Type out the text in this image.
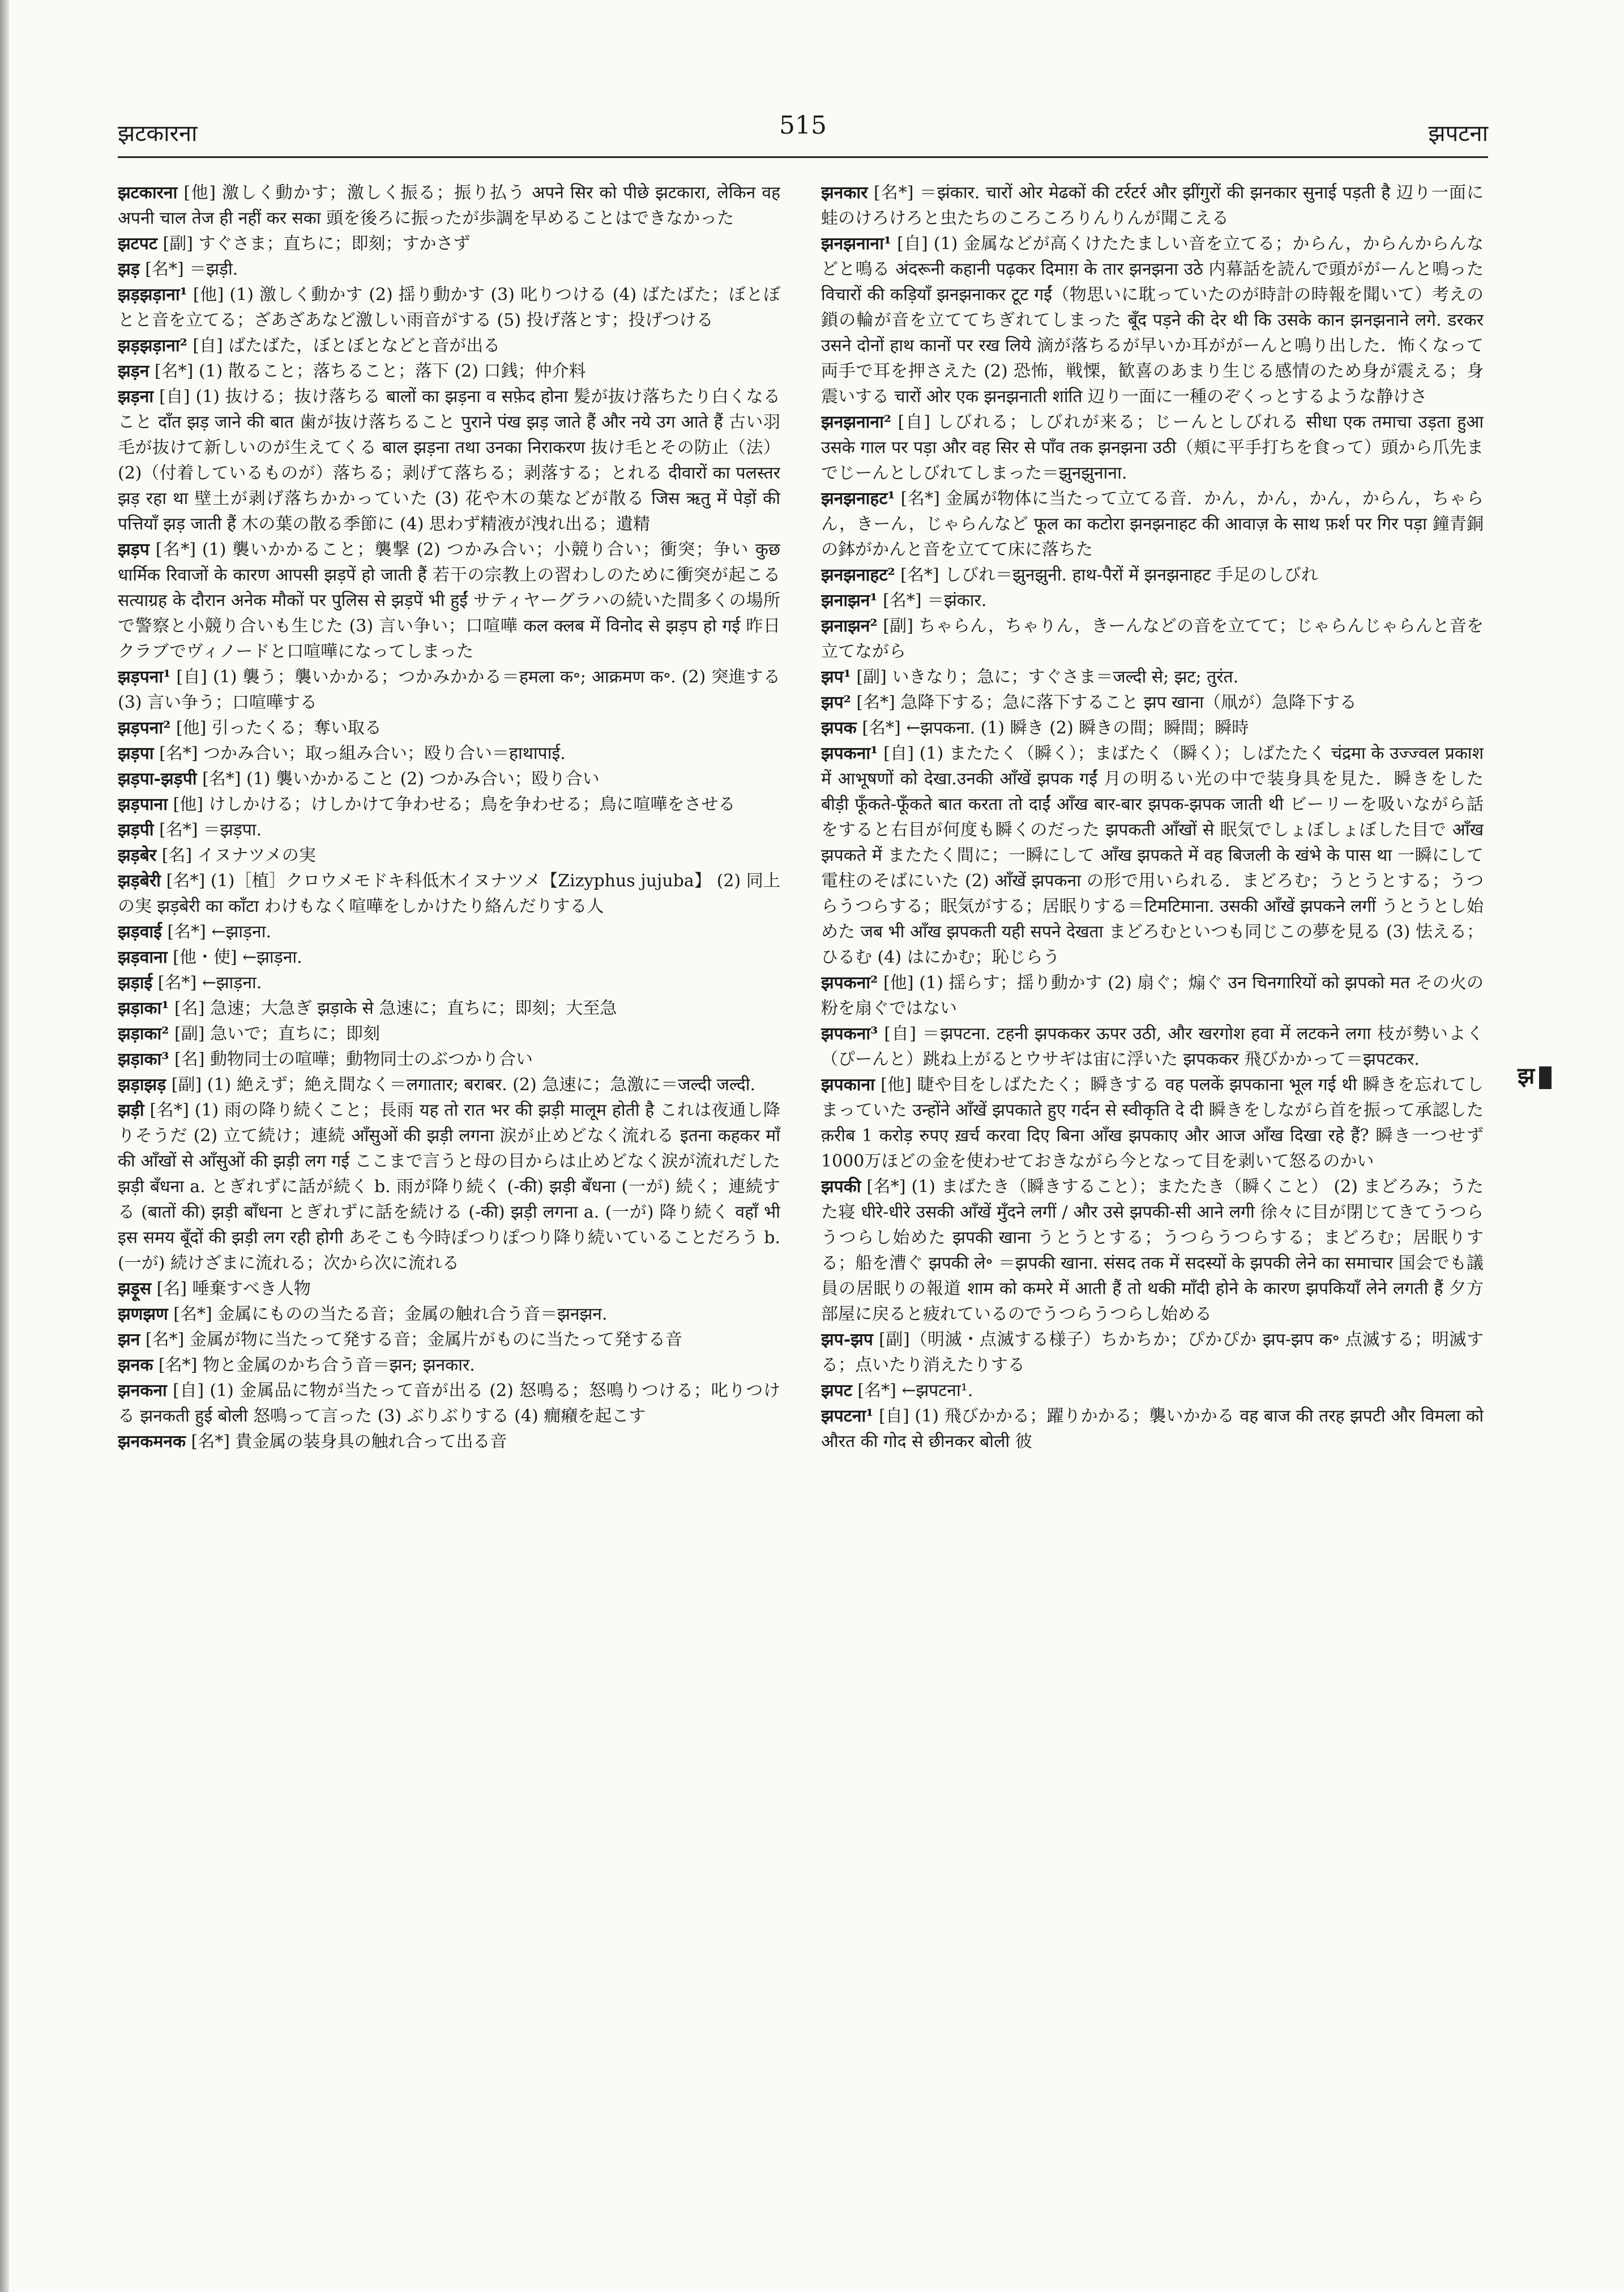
झटकारना	515	झपटना
झटकारना [他] 激しく動かす；激しく振る；振り払う अपने सिर को पीछे झटकारा, लेकिन वह अपनी चाल तेज ही नहीं कर सका 頭を後ろに振ったが歩調を早めることはできなかった
झटपट [副] すぐさま；直ちに；即刻；すかさず
झड़ [名*] ＝झड़ी.
झड़झड़ाना¹ [他] (1) 激しく動かす (2) 揺り動かす (3) 叱りつける (4) ばたばた；ぼとぼとと音を立てる；ざあざあなど激しい雨音がする (5) 投げ落とす；投げつける
झड़झड़ाना² [自] ばたばた，ぼとぼとなどと音が出る
झड़न [名*] (1) 散ること；落ちること；落下 (2) 口銭；仲介料
झड़ना [自] (1) 抜ける；抜け落ちる बालों का झड़ना व सफ़ेद होना 髪が抜け落ちたり白くなること दाँत झड़ जाने की बात 歯が抜け落ちること पुराने पंख झड़ जाते हैं और नये उग आते हैं 古い羽毛が抜けて新しいのが生えてくる बाल झड़ना तथा उनका निराकरण 抜け毛とその防止（法） (2)（付着しているものが）落ちる；剥げて落ちる；剥落する；とれる दीवारों का पलस्तर झड़ रहा था 壁土が剥げ落ちかかっていた (3) 花や木の葉などが散る जिस ऋतु में पेड़ों की पत्तियाँ झड़ जाती हैं 木の葉の散る季節に (4) 思わず精液が洩れ出る；遺精
झड़प [名*] (1) 襲いかかること；襲撃 (2) つかみ合い；小競り合い；衝突；争い कुछ धार्मिक रिवाजों के कारण आपसी झड़पें हो जाती हैं 若干の宗教上の習わしのために衝突が起こる सत्याग्रह के दौरान अनेक मौकों पर पुलिस से झड़पें भी हुईं サティヤーグラハの続いた間多くの場所で警察と小競り合いも生じた (3) 言い争い；口喧嘩 कल क्लब में विनोद से झड़प हो गई 昨日クラブでヴィノードと口喧嘩になってしまった
झड़पना¹ [自] (1) 襲う；襲いかかる；つかみかかる＝हमला क॰; आक्रमण क॰. (2) 突進する (3) 言い争う；口喧嘩する
झड़पना² [他] 引ったくる；奪い取る
झड़पा [名*] つかみ合い；取っ組み合い；殴り合い＝हाथापाई.
झड़पा-झड़पी [名*] (1) 襲いかかること (2) つかみ合い；殴り合い
झड़पाना [他] けしかける；けしかけて争わせる；鳥を争わせる；鳥に喧嘩をさせる
झड़पी [名*] ＝झड़पा.
झड़बेर [名] イヌナツメの実
झड़बेरी [名*] (1)［植］クロウメモドキ科低木イヌナツメ【Zizyphus jujuba】 (2) 同上の実 झड़बेरी का काँटा わけもなく喧嘩をしかけたり絡んだりする人
झड़वाई [名*] ←झाड़ना.
झड़वाना [他・使] ←झाड़ना.
झड़ाई [名*] ←झाड़ना.
झड़ाका¹ [名] 急速；大急ぎ झड़ाके से 急速に；直ちに；即刻；大至急
झड़ाका² [副] 急いで；直ちに；即刻
झड़ाका³ [名] 動物同士の喧嘩；動物同士のぶつかり合い
झड़ाझड़ [副] (1) 絶えず；絶え間なく＝लगातार; बराबर. (2) 急速に；急激に＝जल्दी जल्दी.
झड़ी [名*] (1) 雨の降り続くこと；長雨 यह तो रात भर की झड़ी मालूम होती है これは夜通し降りそうだ (2) 立て続け；連続 आँसुओं की झड़ी लगना 涙が止めどなく流れる इतना कहकर माँ की आँखों से आँसुओं की झड़ी लग गई ここまで言うと母の目からは止めどなく涙が流れだした झड़ी बँधना a. とぎれずに話が続く b. 雨が降り続く (-की) झड़ी बँधना (一が) 続く；連続する (बातों की) झड़ी बाँधना とぎれずに話を続ける (-की) झड़ी लगना a. (一が) 降り続く वहाँ भी इस समय बूँदों की झड़ी लग रही होगी あそこも今時ぽつりぽつり降り続いていることだろう b. (一が) 続けざまに流れる；次から次に流れる
झड़ूस [名] 唾棄すべき人物
झणझण [名*] 金属にものの当たる音；金属の触れ合う音＝झनझन.
झन [名*] 金属が物に当たって発する音；金属片がものに当たって発する音
झनक [名*] 物と金属のかち合う音＝झन; झनकार.
झनकना [自] (1) 金属品に物が当たって音が出る (2) 怒鳴る；怒鳴りつける；叱りつける झनकती हुई बोली 怒鳴って言った (3) ぶりぶりする (4) 癇癪を起こす
झनकमनक [名*] 貴金属の装身具の触れ合って出る音
झनकार [名*] ＝झंकार. चारों ओर मेढकों की टर्रटर्र और झींगुरों की झनकार सुनाई पड़ती है 辺り一面に蛙のけろけろと虫たちのころころりんりんが聞こえる
झनझनाना¹ [自] (1) 金属などが高くけたたましい音を立てる；からん，からんからんなどと鳴る अंदरूनी कहानी पढ़कर दिमाग़ के तार झनझना उठे 内幕話を読んで頭ががーんと鳴った विचारों की कड़ियाँ झनझनाकर टूट गईं（物思いに耽っていたのが時計の時報を聞いて）考えの鎖の輪が音を立ててちぎれてしまった बूँद पड़ने की देर थी कि उसके कान झनझनाने लगे. डरकर उसने दोनों हाथ कानों पर रख लिये 滴が落ちるが早いか耳ががーんと鳴り出した．怖くなって両手で耳を押さえた (2) 恐怖，戦慄，歓喜のあまり生じる感情のため身が震える；身震いする चारों ओर एक झनझनाती शांति 辺り一面に一種のぞくっとするような静けさ
झनझनाना² [自] しびれる；しびれが来る；じーんとしびれる सीधा एक तमाचा उड़ता हुआ उसके गाल पर पड़ा और वह सिर से पाँव तक झनझना उठी（頬に平手打ちを食って）頭から爪先までじーんとしびれてしまった＝झुनझुनाना.
झनझनाहट¹ [名*] 金属が物体に当たって立てる音．かん，かん，かん，からん，ちゃらん，きーん，じゃらんなど फूल का कटोरा झनझनाहट की आवाज़ के साथ फ़र्श पर गिर पड़ा 鐘青銅の鉢がかんと音を立てて床に落ちた
झनझनाहट² [名*] しびれ＝झुनझुनी. हाथ-पैरों में झनझनाहट 手足のしびれ
झनाझन¹ [名*] ＝झंकार.
झनाझन² [副] ちゃらん，ちゃりん，きーんなどの音を立てて；じゃらんじゃらんと音を立てながら
झप¹ [副] いきなり；急に；すぐさま＝जल्दी से; झट; तुरंत.
झप² [名*] 急降下する；急に落下すること झप खाना（凧が）急降下する
झपक [名*] ←झपकना. (1) 瞬き (2) 瞬きの間；瞬間；瞬時
झपकना¹ [自] (1) またたく（瞬く）；まばたく（瞬く）；しばたたく चंद्रमा के उज्ज्वल प्रकाश में आभूषणों को देखा.उनकी आँखें झपक गईं 月の明るい光の中で装身具を見た．瞬きをした बीड़ी फूँकते-फूँकते बात करता तो दाईं आँख बार-बार झपक-झपक जाती थी ビーリーを吸いながら話をすると右目が何度も瞬くのだった झपकती आँखों से 眠気でしょぼしょぼした目で आँख झपकते में またたく間に；一瞬にして आँख झपकते में वह बिजली के खंभे के पास था 一瞬にして電柱のそばにいた (2) आँखें झपकना の形で用いられる．まどろむ；うとうとする；うつらうつらする；眠気がする；居眠りする＝टिमटिमाना. उसकी आँखें झपकने लगीं うとうとし始めた जब भी आँख झपकती यही सपने देखता まどろむといつも同じこの夢を見る (3) 怯える；ひるむ (4) はにかむ；恥じらう
झपकना² [他] (1) 揺らす；揺り動かす (2) 扇ぐ；煽ぐ उन चिनगारियों को झपको मत その火の粉を扇ぐではない
झपकना³ [自] ＝झपटना. टहनी झपककर ऊपर उठी, और खरगोश हवा में लटकने लगा 枝が勢いよく（ぴーんと）跳ね上がるとウサギは宙に浮いた झपककर 飛びかかって＝झपटकर.
झपकाना [他] 睫や目をしばたたく；瞬きする वह पलकें झपकाना भूल गई थी 瞬きを忘れてしまっていた उन्होंने आँखें झपकाते हुए गर्दन से स्वीकृति दे दी 瞬きをしながら首を振って承認した क़रीब 1 करोड़ रुपए ख़र्च करवा दिए बिना आँख झपकाए और आज आँख दिखा रहे हैं? 瞬き一つせず1000万ほどの金を使わせておきながら今となって目を剥いて怒るのかい
झपकी [名*] (1) まばたき（瞬きすること）；またたき（瞬くこと） (2) まどろみ；うたた寝 धीरे-धीरे उसकी आँखें मुँदने लगीं / और उसे झपकी-सी आने लगी 徐々に目が閉じてきてうつらうつらし始めた झपकी खाना うとうとする；うつらうつらする；まどろむ；居眠りする；船を漕ぐ झपकी ले॰ ＝झपकी खाना. संसद तक में सदस्यों के झपकी लेने का समाचार 国会でも議員の居眠りの報道 शाम को कमरे में आती हैं तो थकी माँदी होने के कारण झपकियाँ लेने लगती हैं 夕方部屋に戻ると疲れているのでうつらうつらし始める
झप-झप [副]（明滅・点滅する様子）ちかちか；ぴかぴか झप-झप क॰ 点滅する；明滅する；点いたり消えたりする
झपट [名*] ←झपटना¹.
झपटना¹ [自] (1) 飛びかかる；躍りかかる；襲いかかる वह बाज की तरह झपटी और विमला को औरत की गोद से छीनकर बोली 彼
झ
